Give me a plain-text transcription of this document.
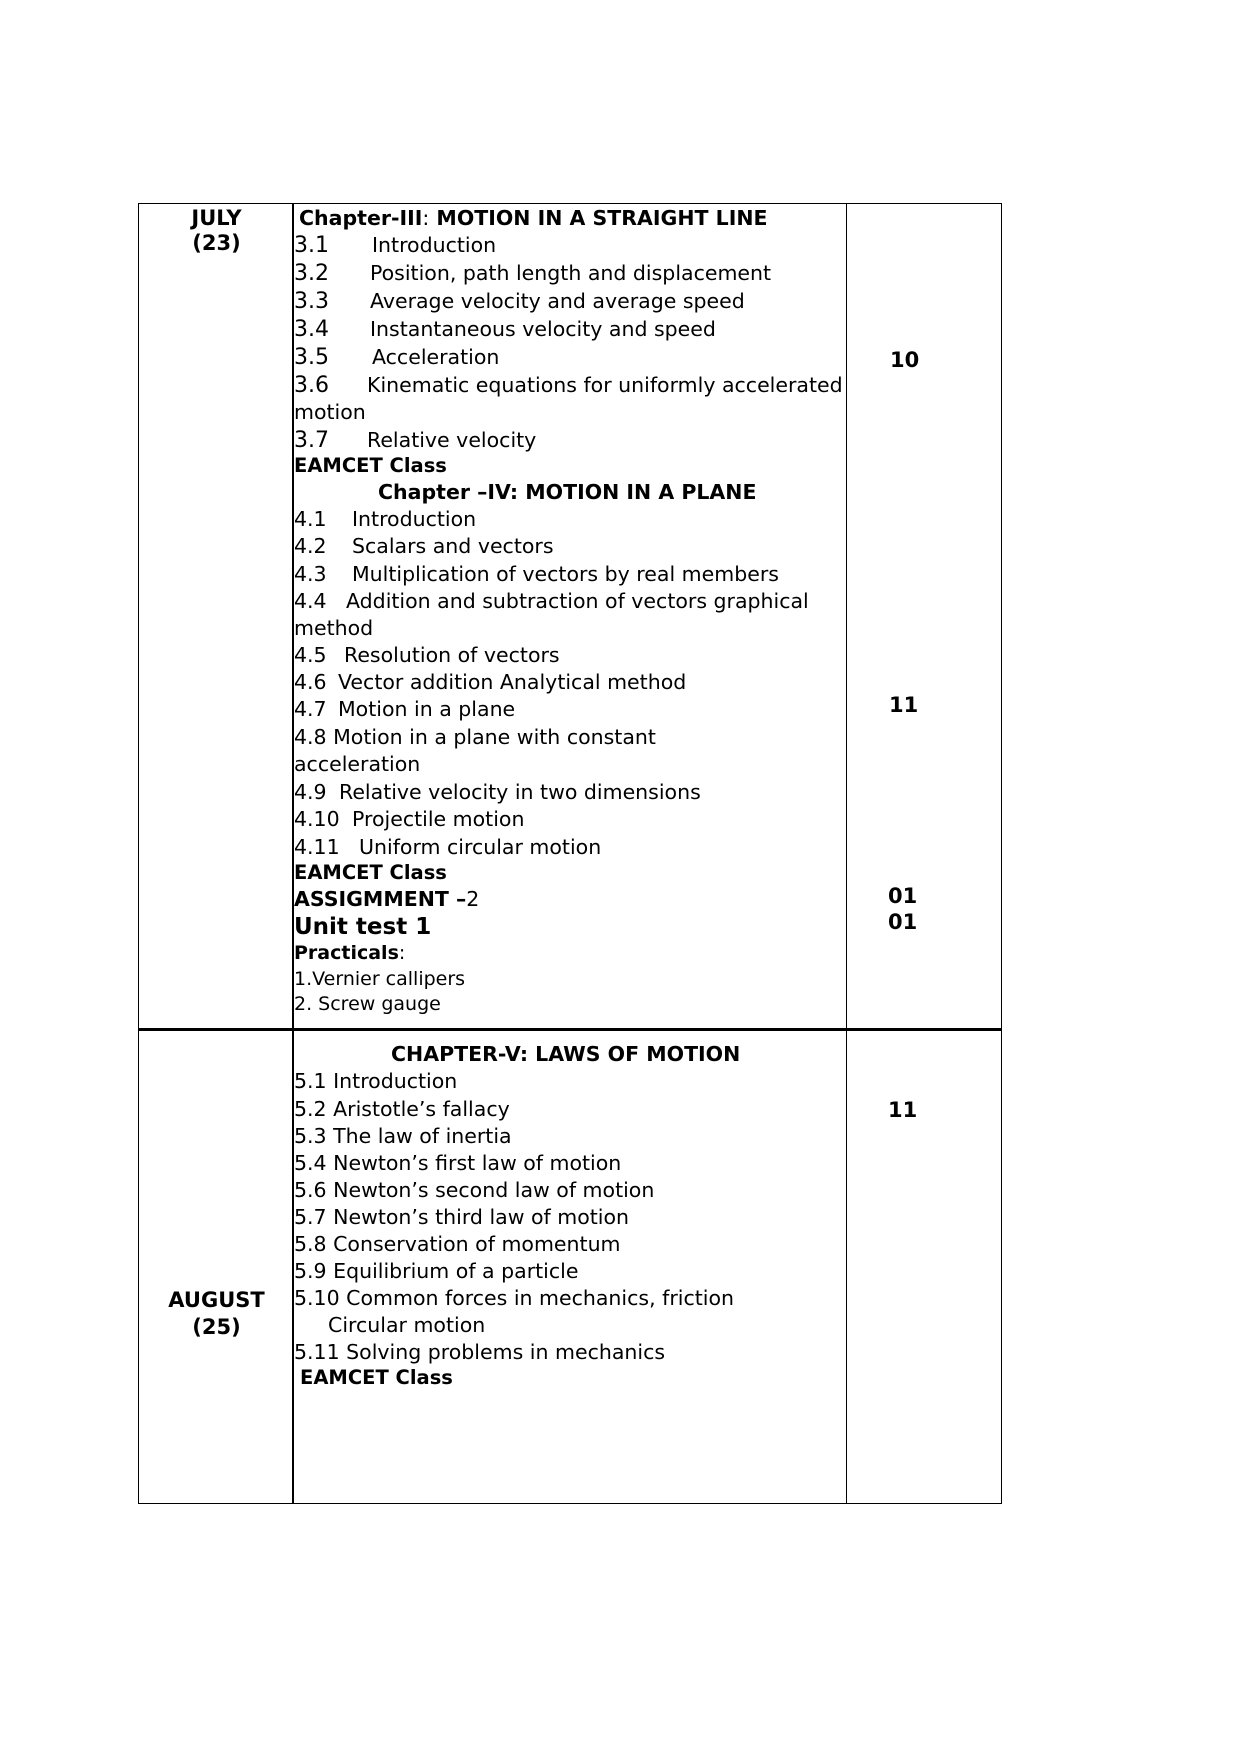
JULY
(23)
Chapter-III: MOTION IN A STRAIGHT LINE
3.1 Introduction
3.2 Position, path length and displacement
3.3 Average velocity and average speed
3.4 Instantaneous velocity and speed
3.5 Acceleration
3.6 Kinematic equations for uniformly accelerated
motion
3.7 Relative velocity
EAMCET Class
Chapter –IV: MOTION IN A PLANE
4.1 Introduction
4.2 Scalars and vectors
4.3 Multiplication of vectors by real members
4.4 Addition and subtraction of vectors graphical
method
4.5 Resolution of vectors
4.6 Vector addition Analytical method
4.7 Motion in a plane
4.8 Motion in a plane with constant
acceleration
4.9 Relative velocity in two dimensions
4.10 Projectile motion
4.11 Uniform circular motion
EAMCET Class
ASSIGMMENT –2
Unit test 1
Practicals:
1.Vernier callipers
2. Screw gauge
10
11
01
01
AUGUST
(25)
CHAPTER-V: LAWS OF MOTION
5.1 Introduction
5.2 Aristotle’s fallacy
5.3 The law of inertia
5.4 Newton’s first law of motion
5.6 Newton’s second law of motion
5.7 Newton’s third law of motion
5.8 Conservation of momentum
5.9 Equilibrium of a particle
5.10 Common forces in mechanics, friction
Circular motion
5.11 Solving problems in mechanics
EAMCET Class
11
